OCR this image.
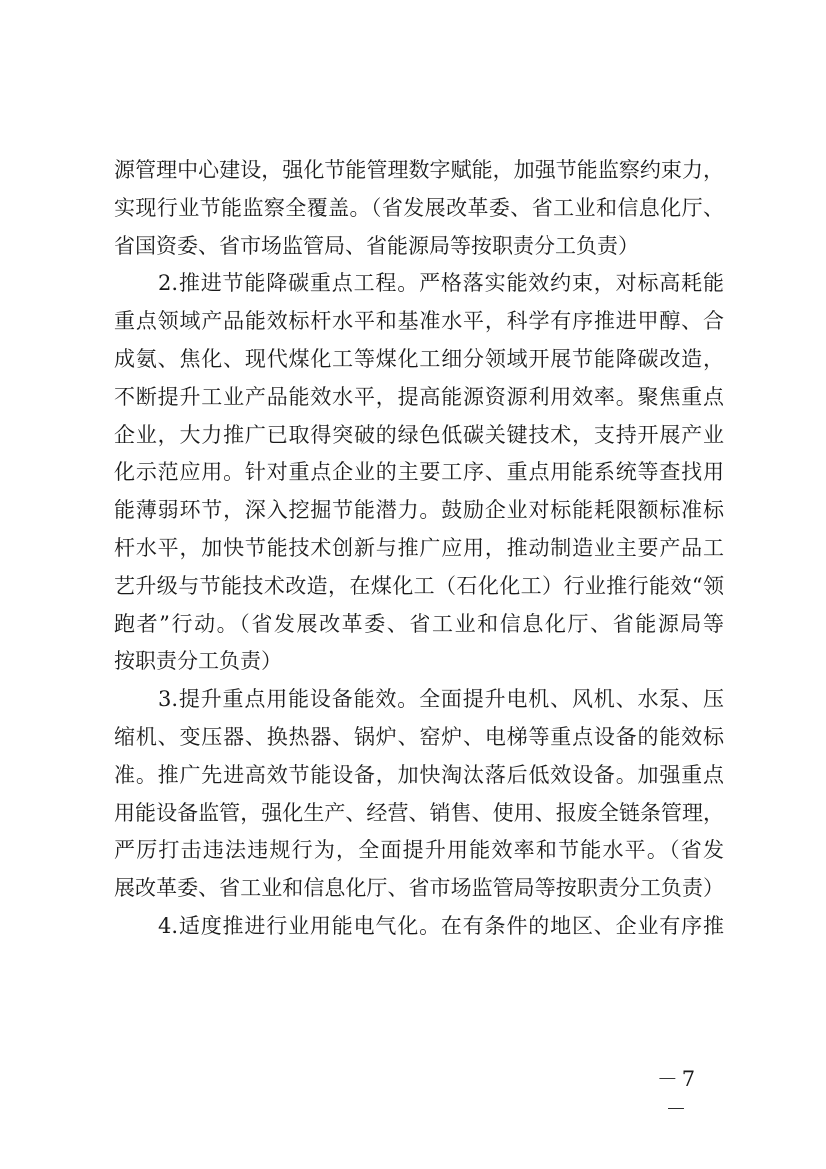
源管理中心建设，强化节能管理数字赋能，加强节能监察约束力，
实现行业节能监察全覆盖。（省发展改革委、省工业和信息化厅、
省国资委、省市场监管局、省能源局等按职责分工负责）
2.推进节能降碳重点工程。严格落实能效约束，对标高耗能
重点领域产品能效标杆水平和基准水平，科学有序推进甲醇、合
成氨、焦化、现代煤化工等煤化工细分领域开展节能降碳改造，
不断提升工业产品能效水平，提高能源资源利用效率。聚焦重点
企业，大力推广已取得突破的绿色低碳关键技术，支持开展产业
化示范应用。针对重点企业的主要工序、重点用能系统等查找用
能薄弱环节，深入挖掘节能潜力。鼓励企业对标能耗限额标准标
杆水平，加快节能技术创新与推广应用，推动制造业主要产品工
艺升级与节能技术改造，在煤化工（石化化工）行业推行能效“领
跑者”行动。（省发展改革委、省工业和信息化厅、省能源局等
按职责分工负责）
3.提升重点用能设备能效。全面提升电机、风机、水泵、压
缩机、变压器、换热器、锅炉、窑炉、电梯等重点设备的能效标
准。推广先进高效节能设备，加快淘汰落后低效设备。加强重点
用能设备监管，强化生产、经营、销售、使用、报废全链条管理，
严厉打击违法违规行为，全面提升用能效率和节能水平。（省发
展改革委、省工业和信息化厅、省市场监管局等按职责分工负责）
4.适度推进行业用能电气化。在有条件的地区、企业有序推
－7－
